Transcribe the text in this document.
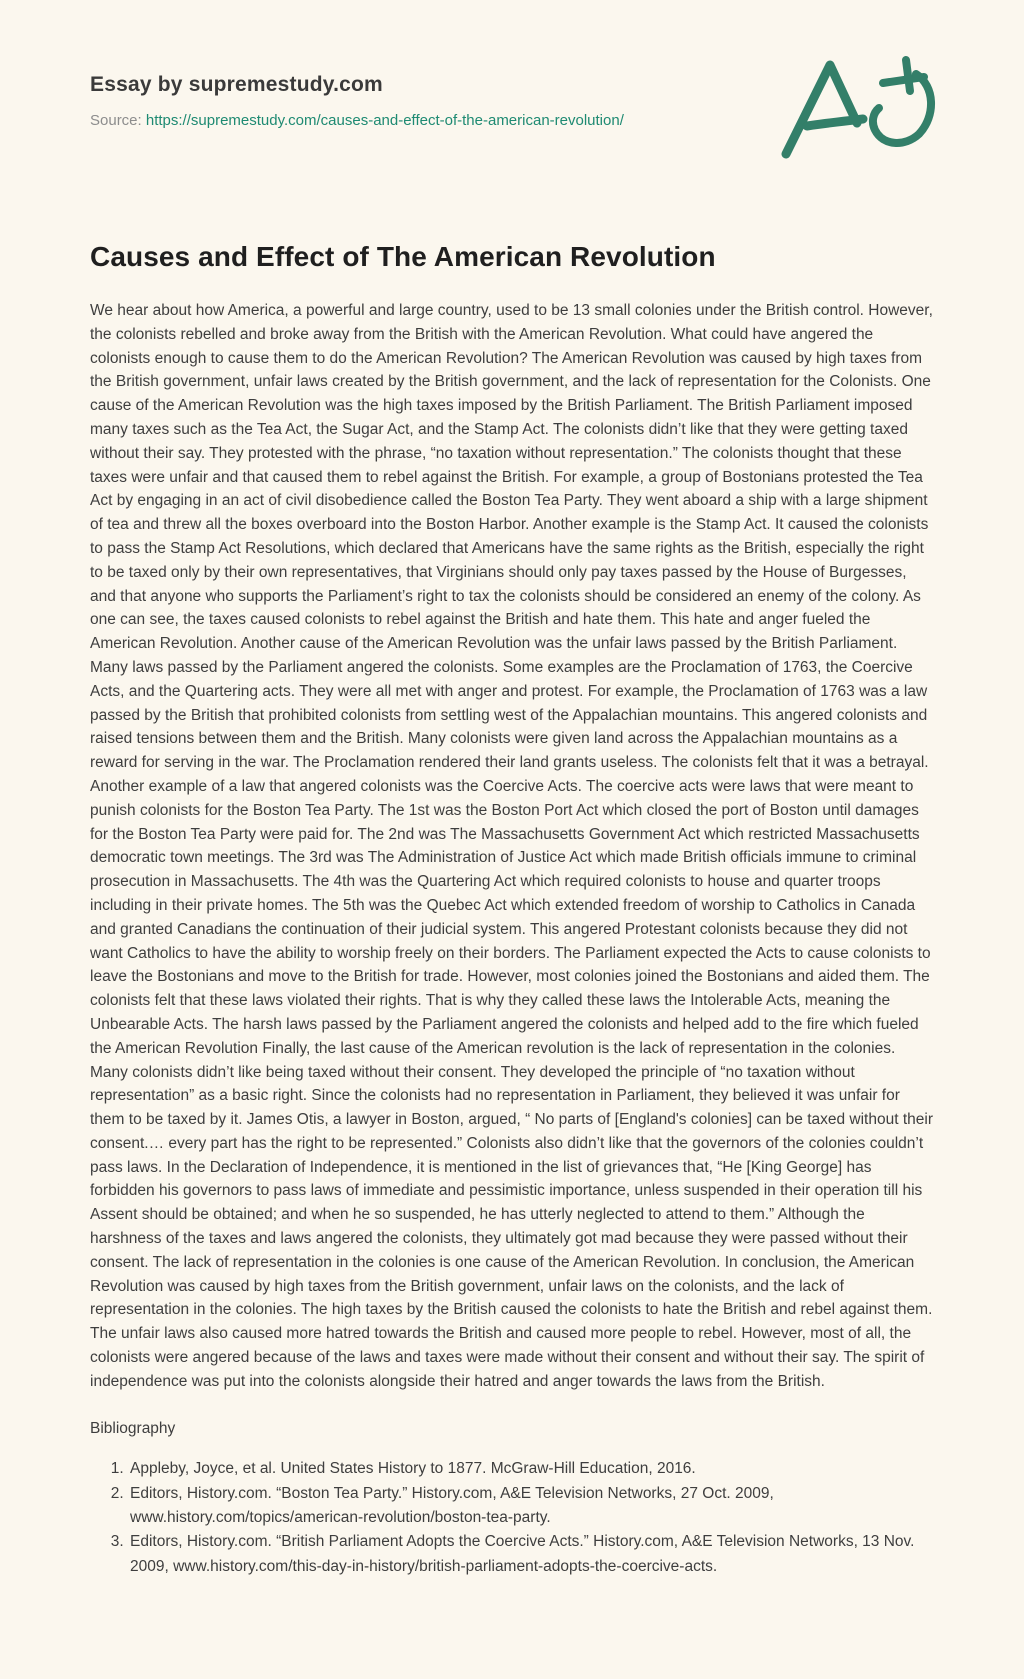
Essay by supremestudy.com

Source: https://supremestudy.com/causes-and-effect-of-the-american-revolution/

Causes and Effect of The American Revolution

We hear about how America, a powerful and large country, used to be 13 small colonies under the British control. However, the colonists rebelled and broke away from the British with the American Revolution. What could have angered the colonists enough to cause them to do the American Revolution? The American Revolution was caused by high taxes from the British government, unfair laws created by the British government, and the lack of representation for the Colonists. One cause of the American Revolution was the high taxes imposed by the British Parliament. The British Parliament imposed many taxes such as the Tea Act, the Sugar Act, and the Stamp Act. The colonists didn’t like that they were getting taxed without their say. They protested with the phrase, “no taxation without representation.” The colonists thought that these taxes were unfair and that caused them to rebel against the British. For example, a group of Bostonians protested the Tea Act by engaging in an act of civil disobedience called the Boston Tea Party. They went aboard a ship with a large shipment of tea and threw all the boxes overboard into the Boston Harbor. Another example is the Stamp Act. It caused the colonists to pass the Stamp Act Resolutions, which declared that Americans have the same rights as the British, especially the right to be taxed only by their own representatives, that Virginians should only pay taxes passed by the House of Burgesses, and that anyone who supports the Parliament’s right to tax the colonists should be considered an enemy of the colony. As one can see, the taxes caused colonists to rebel against the British and hate them. This hate and anger fueled the American Revolution. Another cause of the American Revolution was the unfair laws passed by the British Parliament. Many laws passed by the Parliament angered the colonists. Some examples are the Proclamation of 1763, the Coercive Acts, and the Quartering acts. They were all met with anger and protest. For example, the Proclamation of 1763 was a law passed by the British that prohibited colonists from settling west of the Appalachian mountains. This angered colonists and raised tensions between them and the British. Many colonists were given land across the Appalachian mountains as a reward for serving in the war. The Proclamation rendered their land grants useless. The colonists felt that it was a betrayal. Another example of a law that angered colonists was the Coercive Acts. The coercive acts were laws that were meant to punish colonists for the Boston Tea Party. The 1st was the Boston Port Act which closed the port of Boston until damages for the Boston Tea Party were paid for. The 2nd was The Massachusetts Government Act which restricted Massachusetts democratic town meetings. The 3rd was The Administration of Justice Act which made British officials immune to criminal prosecution in Massachusetts. The 4th was the Quartering Act which required colonists to house and quarter troops including in their private homes. The 5th was the Quebec Act which extended freedom of worship to Catholics in Canada and granted Canadians the continuation of their judicial system. This angered Protestant colonists because they did not want Catholics to have the ability to worship freely on their borders. The Parliament expected the Acts to cause colonists to leave the Bostonians and move to the British for trade. However, most colonies joined the Bostonians and aided them. The colonists felt that these laws violated their rights. That is why they called these laws the Intolerable Acts, meaning the Unbearable Acts. The harsh laws passed by the Parliament angered the colonists and helped add to the fire which fueled the American Revolution Finally, the last cause of the American revolution is the lack of representation in the colonies. Many colonists didn’t like being taxed without their consent. They developed the principle of “no taxation without representation” as a basic right. Since the colonists had no representation in Parliament, they believed it was unfair for them to be taxed by it. James Otis, a lawyer in Boston, argued, “ No parts of [England's colonies] can be taxed without their consent.… every part has the right to be represented.” Colonists also didn’t like that the governors of the colonies couldn’t pass laws. In the Declaration of Independence, it is mentioned in the list of grievances that, “He [King George] has forbidden his governors to pass laws of immediate and pessimistic importance, unless suspended in their operation till his Assent should be obtained; and when he so suspended, he has utterly neglected to attend to them.” Although the harshness of the taxes and laws angered the colonists, they ultimately got mad because they were passed without their consent. The lack of representation in the colonies is one cause of the American Revolution. In conclusion, the American Revolution was caused by high taxes from the British government, unfair laws on the colonists, and the lack of representation in the colonies. The high taxes by the British caused the colonists to hate the British and rebel against them. The unfair laws also caused more hatred towards the British and caused more people to rebel. However, most of all, the colonists were angered because of the laws and taxes were made without their consent and without their say. The spirit of independence was put into the colonists alongside their hatred and anger towards the laws from the British.

Bibliography

1. Appleby, Joyce, et al. United States History to 1877. McGraw-Hill Education, 2016.
2. Editors, History.com. “Boston Tea Party.” History.com, A&E Television Networks, 27 Oct. 2009, www.history.com/topics/american-revolution/boston-tea-party.
3. Editors, History.com. “British Parliament Adopts the Coercive Acts.” History.com, A&E Television Networks, 13 Nov. 2009, www.history.com/this-day-in-history/british-parliament-adopts-the-coercive-acts.
